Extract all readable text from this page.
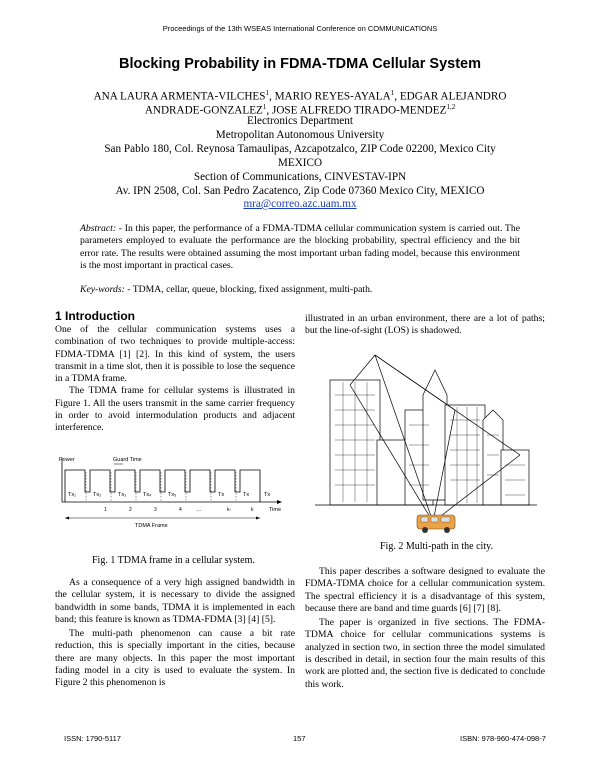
Proceedings of the 13th WSEAS International Conference on COMMUNICATIONS
Blocking Probability in FDMA-TDMA Cellular System
ANA LAURA ARMENTA-VILCHES$^1$, MARIO REYES-AYALA$^1$, EDGAR ALEJANDRO
ANDRADE-GONZALEZ$^1$, JOSE ALFREDO TIRADO-MENDEZ$^{1,2}$
Electronics Department
Metropolitan Autonomous University
San Pablo 180, Col. Reynosa Tamaulipas, Azcapotzalco, ZIP Code 02200, Mexico City
MEXICO
Section of Communications, CINVESTAV-IPN
Av. IPN 2508, Col. San Pedro Zacatenco, Zip Code 07360 Mexico City, MEXICO
mra@correo.azc.uam.mx
Abstract: - In this paper, the performance of a FDMA-TDMA cellular communication system is carried out. The parameters employed to evaluate the performance are the blocking probability, spectral efficiency and the bit error rate. The results were obtained assuming the most important urban fading model, because this environment is the most important in practical cases.
Key-words: - TDMA, cellar, queue, blocking, fixed assignment, multi-path.
1 Introduction

One of the cellular communication systems uses a combination of two techniques to provide multiple-access: FDMA-TDMA [1] [2]. In this kind of system, the users transmit in a time slot, then it is possible to lose the sequence in a TDMA frame.

The TDMA frame for cellular systems is illustrated in Figure 1. All the users transmit in the same carrier frequency in order to avoid intermodulation products and adjacent interference.

Power	Guard Time
Tx₁	Tx₂	Tx₃	Tx₄	Tx₅	Tx	Tx	Tx
1	2	3	4	...	k-	k	Time
TDMA Frame
Fig. 1 TDMA frame in a cellular system.

As a consequence of a very high assigned bandwidth in the cellular system, it is necessary to divide the assigned bandwidth in some bands, TDMA it is implemented in each band; this feature is known as TDMA-FDMA [3] [4] [5].

The multi-path phenomenon can cause a bit rate reduction, this is specially important in the cities, because there are many objects. In this paper the most important fading model in a city is used to evaluate the system. In Figure 2 this phenomenon is

illustrated in an urban environment, there are a lot of paths; but the line-of-sight (LOS) is shadowed.

Fig. 2 Multi-path in the city.

This paper describes a software designed to evaluate the FDMA-TDMA choice for a cellular communication system. The spectral efficiency it is a disadvantage of this system, because there are band and time guards [6] [7] [8].

The paper is organized in five sections. The FDMA-TDMA choice for cellular communications systems is analyzed in section two, in section three the model simulated is described in detail, in section four the main results of this work are plotted and, the section five is dedicated to conclude this work.

ISSN: 1790-5117	157	ISBN: 978-960-474-098-7
